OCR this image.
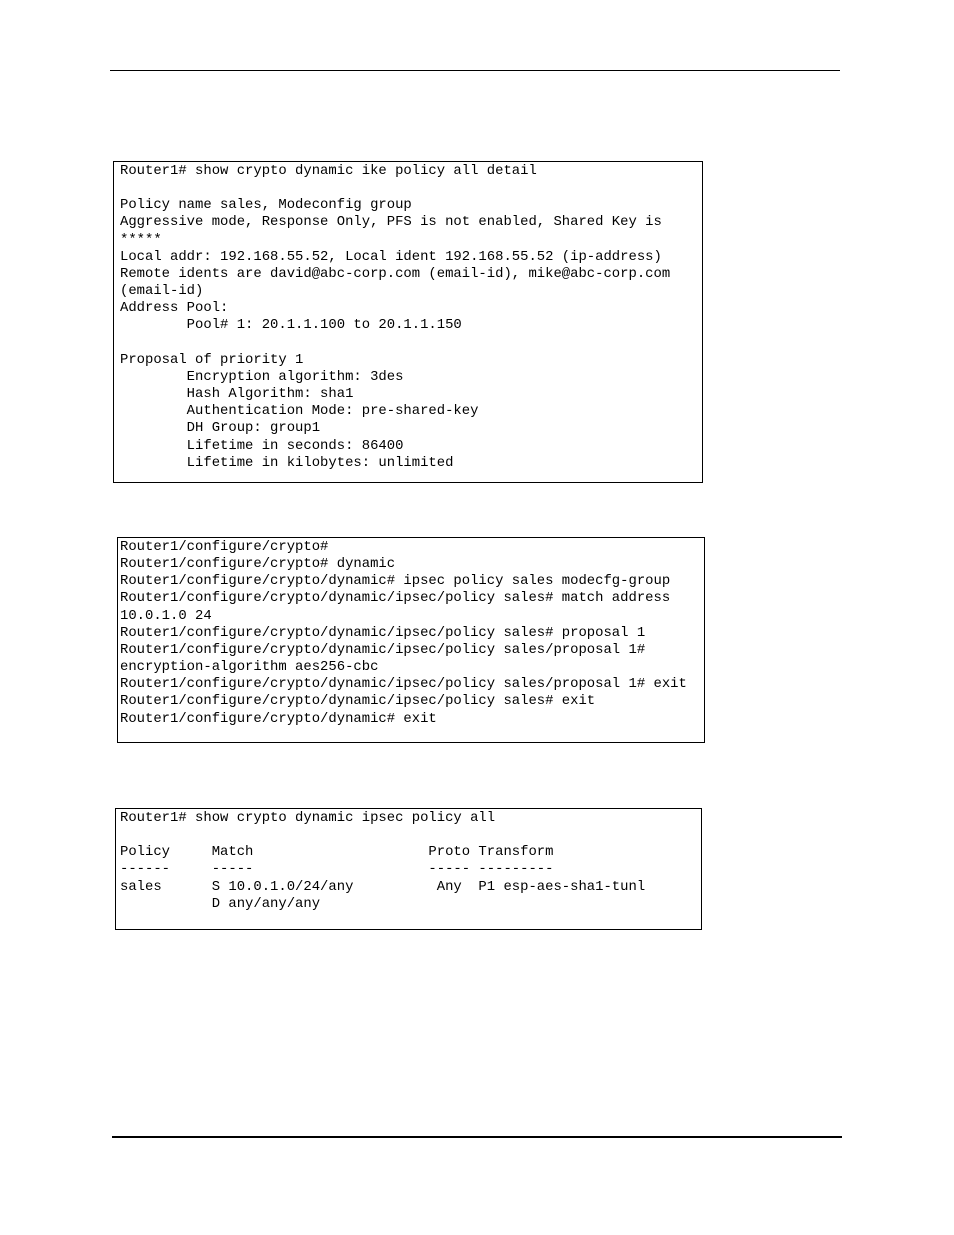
Router1# show crypto dynamic ike policy all detail

Policy name sales, Modeconfig group
Aggressive mode, Response Only, PFS is not enabled, Shared Key is
*****
Local addr: 192.168.55.52, Local ident 192.168.55.52 (ip-address)
Remote idents are david@abc-corp.com (email-id), mike@abc-corp.com
(email-id)
Address Pool:
Pool# 1: 20.1.1.100 to 20.1.1.150

Proposal of priority 1
Encryption algorithm: 3des
Hash Algorithm: sha1
Authentication Mode: pre-shared-key
DH Group: group1
Lifetime in seconds: 86400
Lifetime in kilobytes: unlimited
Router1/configure/crypto#
Router1/configure/crypto# dynamic
Router1/configure/crypto/dynamic# ipsec policy sales modecfg-group
Router1/configure/crypto/dynamic/ipsec/policy sales# match address
10.0.1.0 24
Router1/configure/crypto/dynamic/ipsec/policy sales# proposal 1
Router1/configure/crypto/dynamic/ipsec/policy sales/proposal 1#
encryption-algorithm aes256-cbc
Router1/configure/crypto/dynamic/ipsec/policy sales/proposal 1# exit
Router1/configure/crypto/dynamic/ipsec/policy sales# exit
Router1/configure/crypto/dynamic# exit
Router1# show crypto dynamic ipsec policy all

Policy     Match                     Proto Transform
------     -----                     ----- ---------
sales      S 10.0.1.0/24/any          Any  P1 esp-aes-sha1-tunl
D any/any/any
